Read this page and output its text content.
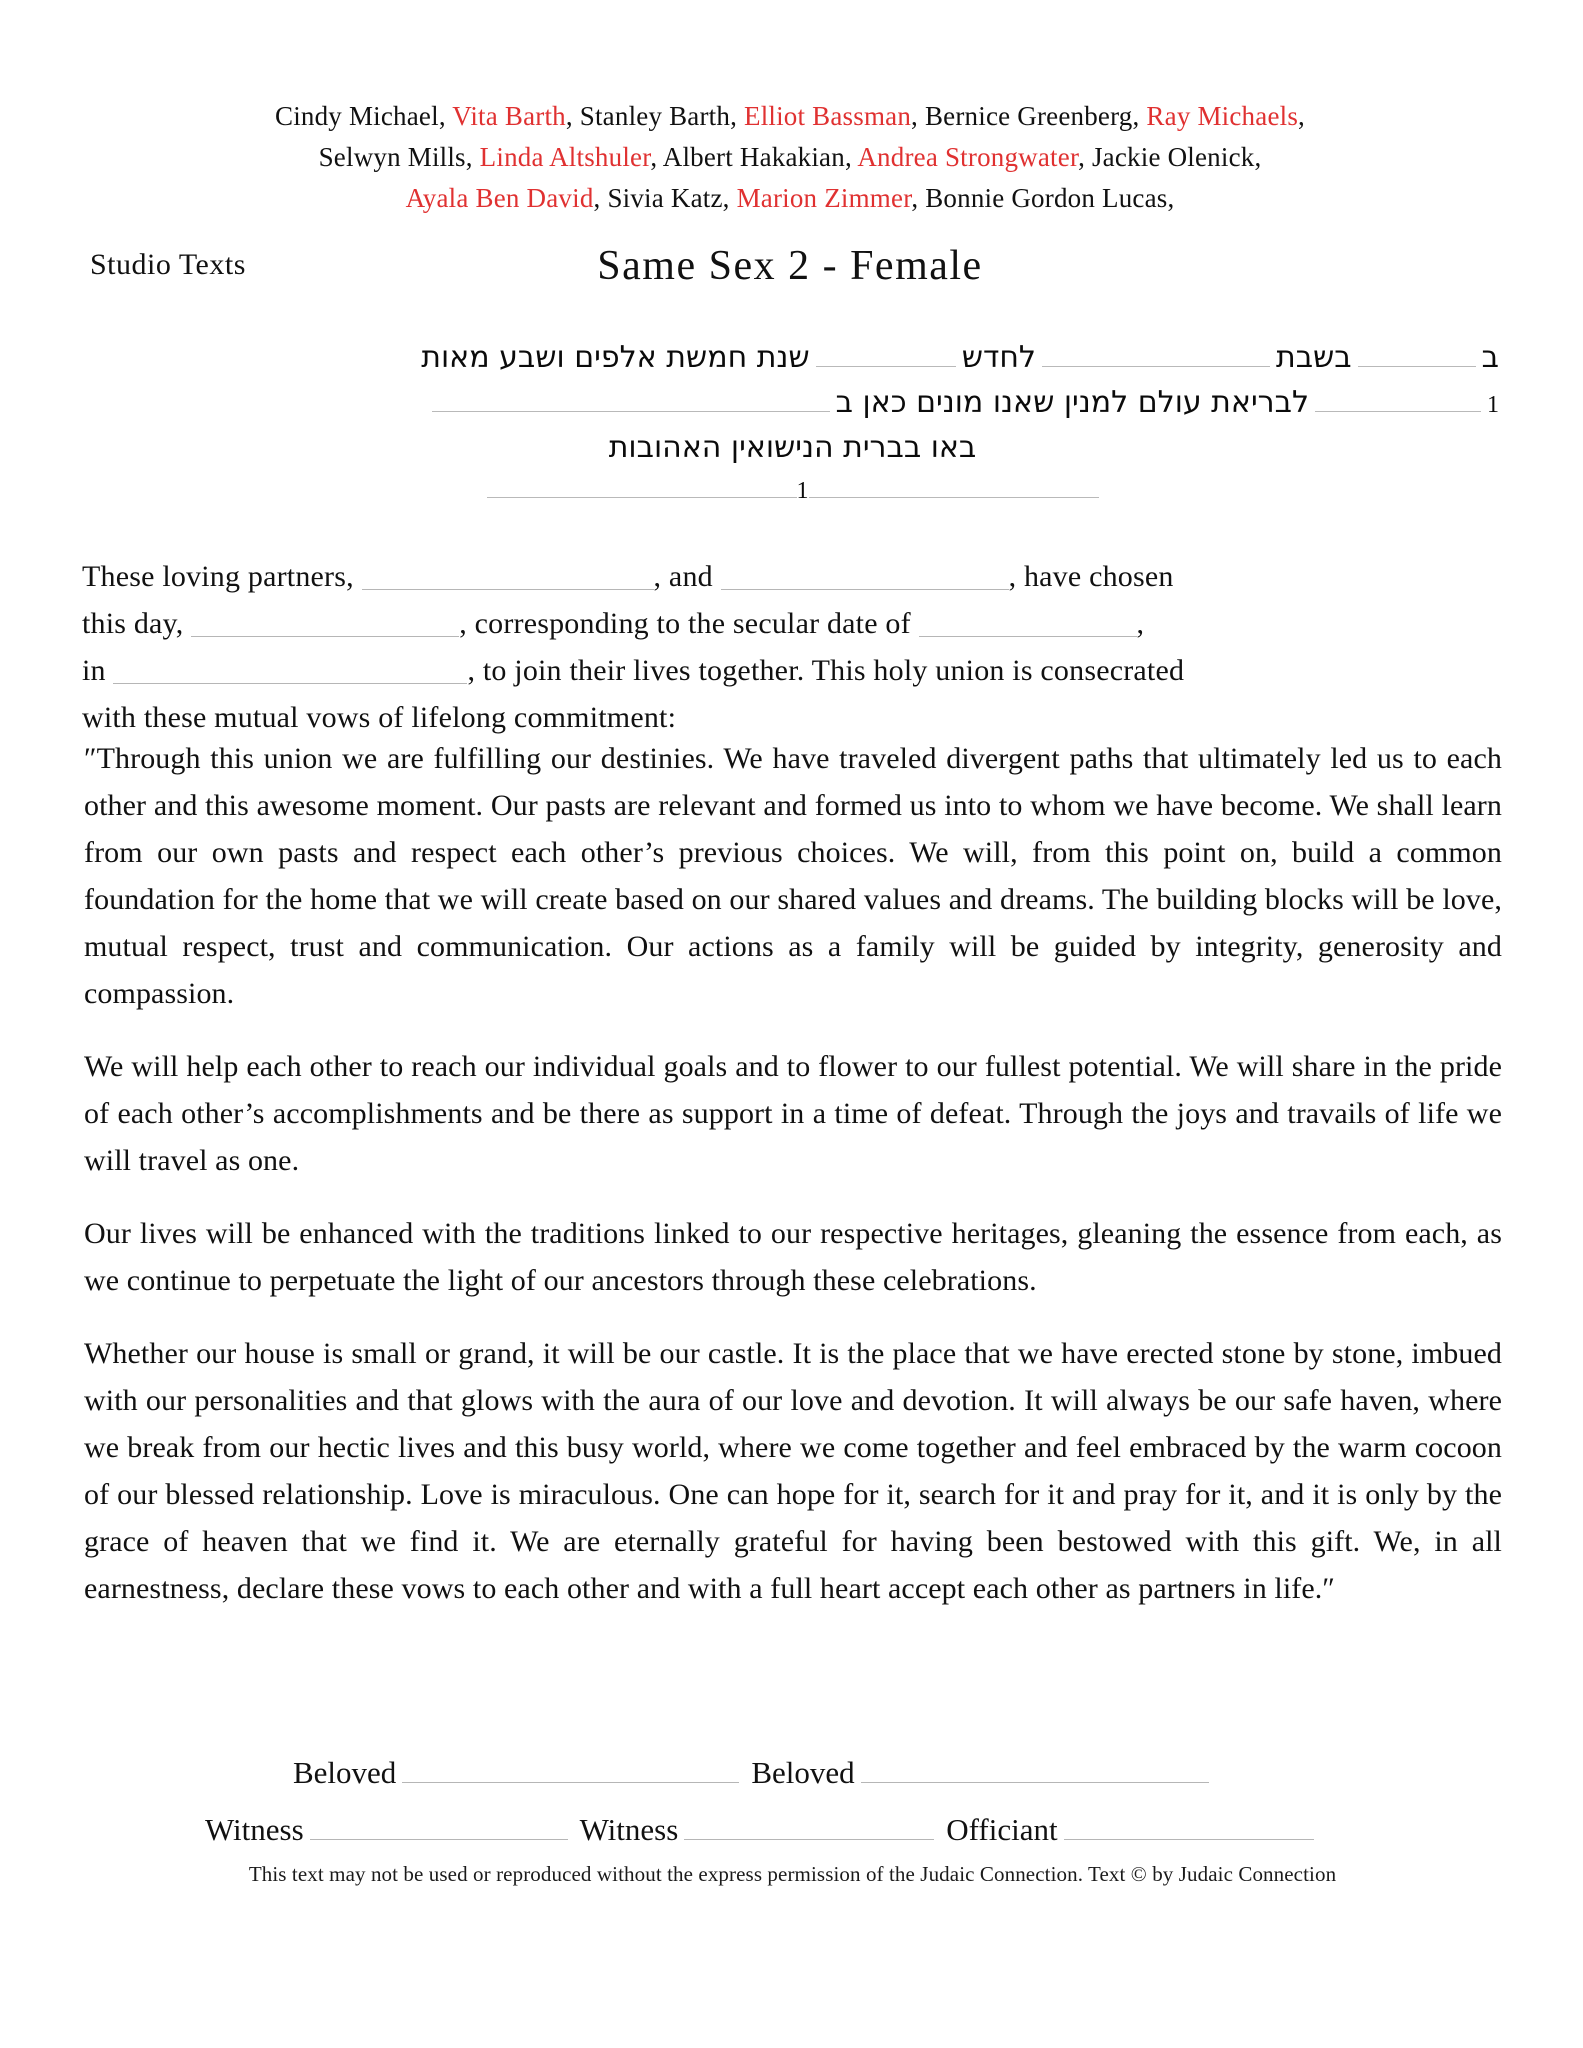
Cindy Michael, Vita Barth, Stanley Barth, Elliot Bassman, Bernice Greenberg, Ray Michaels,
Selwyn Mills, Linda Altshuler, Albert Hakakian, Andrea Strongwater, Jackie Olenick,
Ayala Ben David, Sivia Katz, Marion Zimmer, Bonnie Gordon Lucas,
Studio Texts	Same Sex 2 - Female
ב
בשבת
לחדש
שנת חמשת אלפים ושבע מאות
1
לבריאת עולם למנין שאנו מונים כאן ב
באו בברית הנישואין האהובות
1
These loving partners,	, and	, have chosen
this day,	, corresponding to the secular date of	,
in	, to join their lives together. This holy union is consecrated
with these mutual vows of lifelong commitment:

″Through this union we are fulfilling our destinies. We have traveled divergent paths that ultimately led us to each other and this awesome moment. Our pasts are relevant and formed us into to whom we have become. We shall learn from our own pasts and respect each other’s previous choices. We will, from this point on, build a common foundation for the home that we will create based on our shared values and dreams. The building blocks will be love, mutual respect, trust and communication. Our actions as a family will be guided by integrity, generosity and compassion.

We will help each other to reach our individual goals and to flower to our fullest potential. We will share in the pride of each other’s accomplishments and be there as support in a time of defeat. Through the joys and travails of life we will travel as one.

Our lives will be enhanced with the traditions linked to our respective heritages, gleaning the essence from each, as we continue to perpetuate the light of our ancestors through these celebrations.

Whether our house is small or grand, it will be our castle. It is the place that we have erected stone by stone, imbued with our personalities and that glows with the aura of our love and devotion. It will always be our safe haven, where we break from our hectic lives and this busy world, where we come together and feel embraced by the warm cocoon of our blessed relationship. Love is miraculous. One can hope for it, search for it and pray for it, and it is only by the grace of heaven that we find it. We are eternally grateful for having been bestowed with this gift. We, in all earnestness, declare these vows to each other and with a full heart accept each other as partners in life.″

Beloved	Beloved
Witness	Witness	Officiant
This text may not be used or reproduced without the express permission of the Judaic Connection. Text © by Judaic Connection
